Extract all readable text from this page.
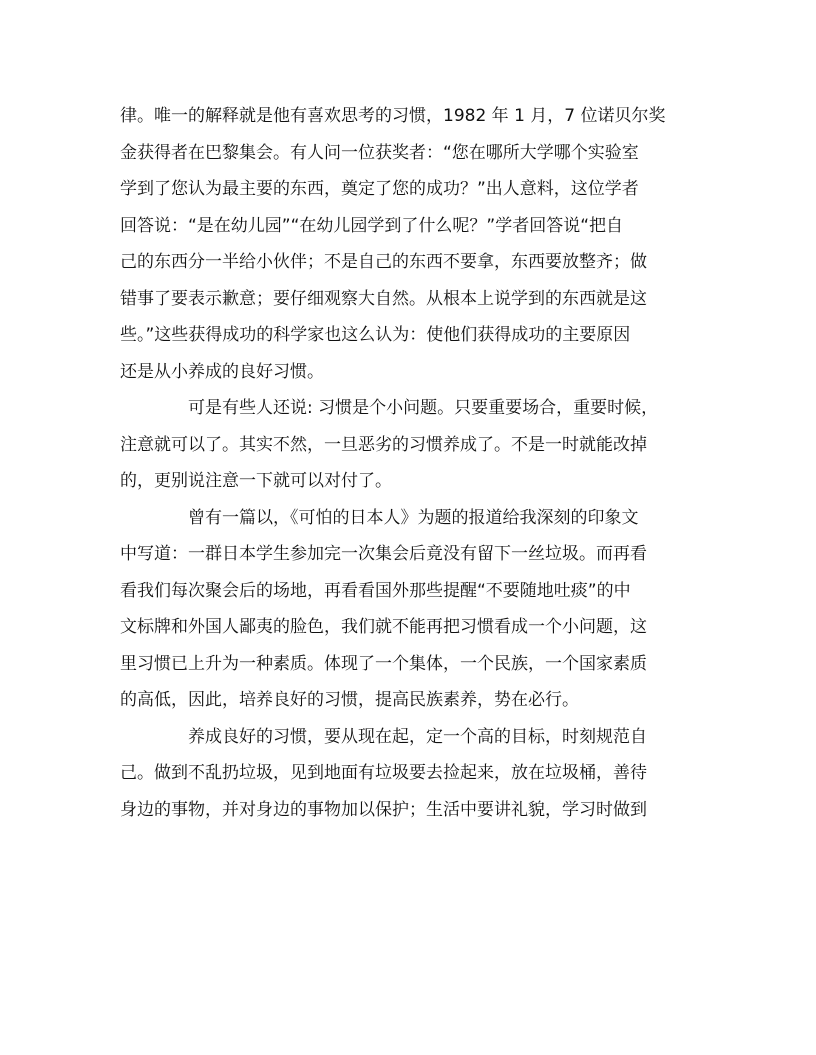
律。唯一的解释就是他有喜欢思考的习惯，1982 年 1 月，7 位诺贝尔奖
金获得者在巴黎集会。有人问一位获奖者：“您在哪所大学哪个实验室
学到了您认为最主要的东西，奠定了您的成功？”出人意料，这位学者
回答说：“是在幼儿园”“在幼儿园学到了什么呢？”学者回答说“把自
己的东西分一半给小伙伴；不是自己的东西不要拿，东西要放整齐；做
错事了要表示歉意；要仔细观察大自然。从根本上说学到的东西就是这
些。”这些获得成功的科学家也这么认为：使他们获得成功的主要原因
还是从小养成的良好习惯。
可是有些人还说: 习惯是个小问题。只要重要场合，重要时候，
注意就可以了。其实不然，一旦恶劣的习惯养成了。不是一时就能改掉
的，更别说注意一下就可以对付了。
曾有一篇以，《可怕的日本人》为题的报道给我深刻的印象文
中写道：一群日本学生参加完一次集会后竟没有留下一丝垃圾。而再看
看我们每次聚会后的场地，再看看国外那些提醒“不要随地吐痰”的中
文标牌和外国人鄙夷的脸色，我们就不能再把习惯看成一个小问题，这
里习惯已上升为一种素质。体现了一个集体，一个民族，一个国家素质
的高低，因此，培养良好的习惯，提高民族素养，势在必行。
养成良好的习惯，要从现在起，定一个高的目标，时刻规范自
己。做到不乱扔垃圾，见到地面有垃圾要去捡起来，放在垃圾桶，善待
身边的事物，并对身边的事物加以保护；生活中要讲礼貌，学习时做到
